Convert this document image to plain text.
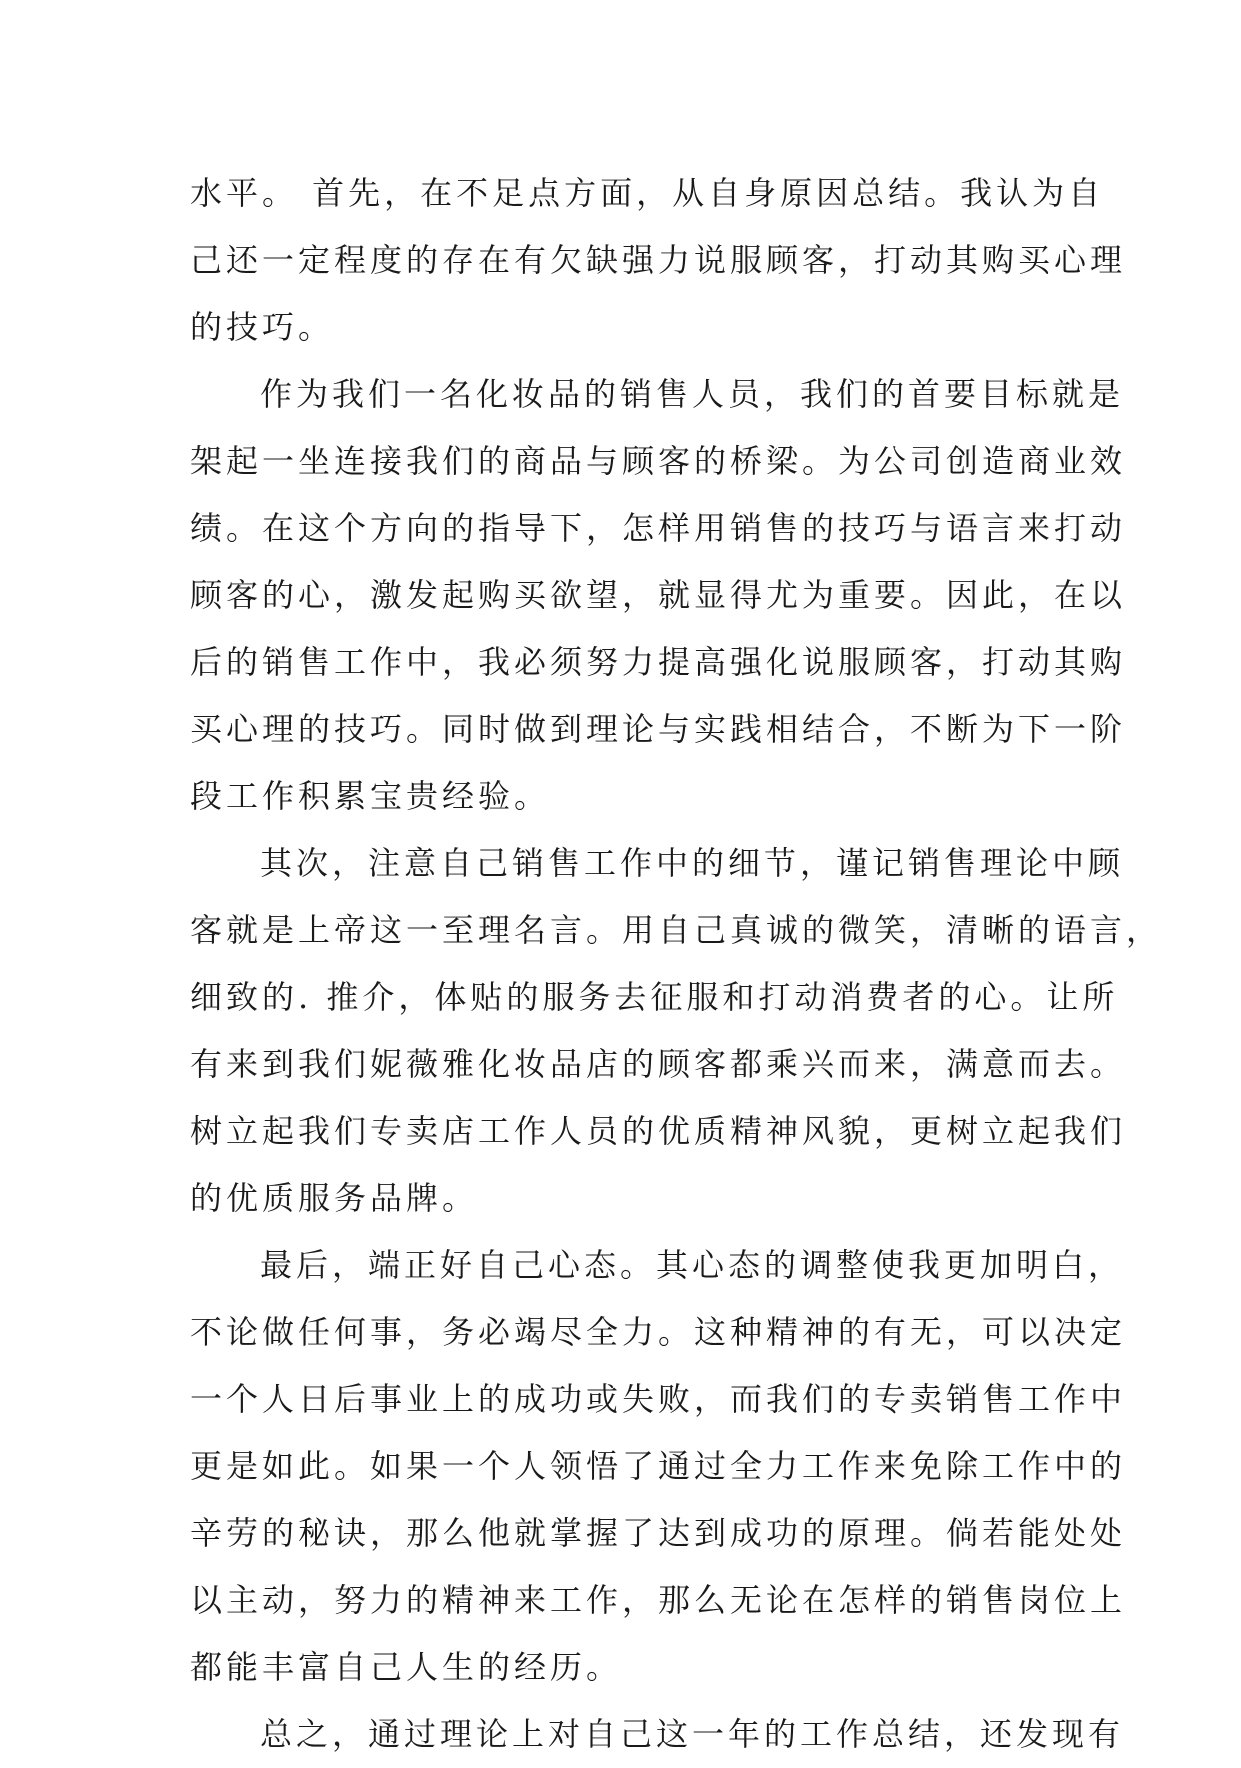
水平。 首先，在不足点方面，从自身原因总结。我认为自
己还一定程度的存在有欠缺强力说服顾客，打动其购买心理
的技巧。
作为我们一名化妆品的销售人员，我们的首要目标就是
架起一坐连接我们的商品与顾客的桥梁。为公司创造商业效
绩。在这个方向的指导下，怎样用销售的技巧与语言来打动
顾客的心，激发起购买欲望，就显得尤为重要。因此，在以
后的销售工作中，我必须努力提高强化说服顾客，打动其购
买心理的技巧。同时做到理论与实践相结合，不断为下一阶
段工作积累宝贵经验。
其次，注意自己销售工作中的细节，谨记销售理论中顾
客就是上帝这一至理名言。用自己真诚的微笑，清晰的语言，
细致的. 推介，体贴的服务去征服和打动消费者的心。让所
有来到我们妮薇雅化妆品店的顾客都乘兴而来，满意而去。
树立起我们专卖店工作人员的优质精神风貌，更树立起我们
的优质服务品牌。
最后，端正好自己心态。其心态的调整使我更加明白，
不论做任何事，务必竭尽全力。这种精神的有无，可以决定
一个人日后事业上的成功或失败，而我们的专卖销售工作中
更是如此。如果一个人领悟了通过全力工作来免除工作中的
辛劳的秘诀，那么他就掌握了达到成功的原理。倘若能处处
以主动，努力的精神来工作，那么无论在怎样的销售岗位上
都能丰富自己人生的经历。
总之，通过理论上对自己这一年的工作总结，还发现有
